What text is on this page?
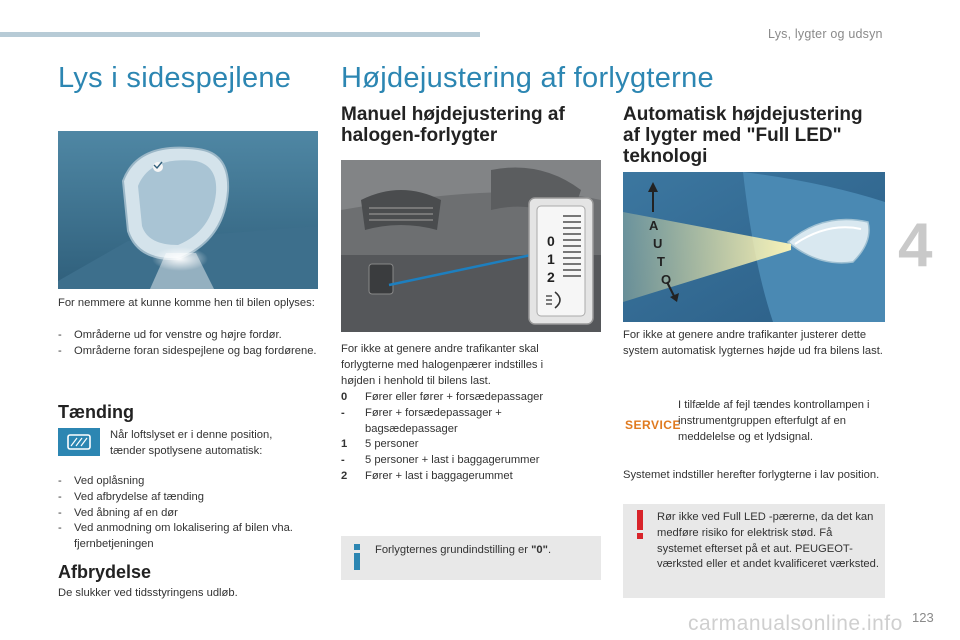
Lys, lygter og udsyn
4
Lys i sidespejlene
For nemmere at kunne komme hen til bilen oplyses:
-	Områderne ud for venstre og højre fordør.
-	Områderne foran sidespejlene og bag fordørene.
Tænding
Når loftslyset er i denne position, tænder spotlysene automatisk:
-	Ved oplåsning
-	Ved afbrydelse af tænding
-	Ved åbning af en dør
-	Ved anmodning om lokalisering af bilen vha. fjernbetjeningen
Afbrydelse
De slukker ved tidsstyringens udløb.
Højdejustering af forlygterne
Manuel højdejustering af
halogen-forlygter
0
1
2
For ikke at genere andre trafikanter skal forlygterne med halogenpærer indstilles i højden i henhold til bilens last.
0	Fører eller fører + forsædepassager
-	Fører + forsædepassager + bagsædepassager
1	5 personer
-	5 personer + last i baggagerummer
2	Fører + last i baggagerummet
Forlygternes grundindstilling er "0".
Automatisk højdejustering
af lygter med "Full LED"
teknologi
A
U
T
O
For ikke at genere andre trafikanter justerer dette system automatisk lygternes højde ud fra bilens last.
SERVICE
I tilfælde af fejl tændes kontrollampen i instrumentgruppen efterfulgt af en meddelelse og et lydsignal.
Systemet indstiller herefter forlygterne i lav position.
Rør ikke ved Full LED -pærerne, da det kan medføre risiko for elektrisk stød. Få systemet efterset på et aut. PEUGEOT-værksted eller et andet kvalificeret værksted.
carmanualsonline.info 123
